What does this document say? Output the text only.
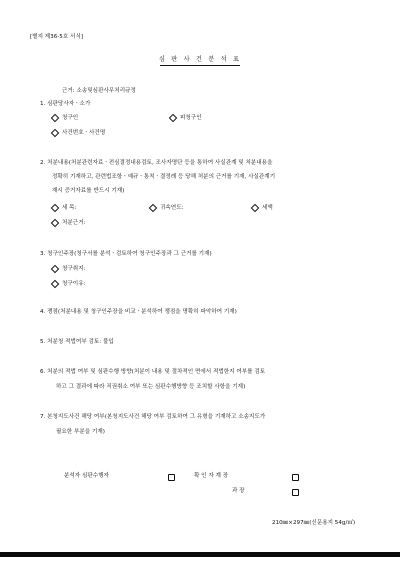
[별지 제36-5호 서식]
심 판 사 건 분 석 표
근거: 소송및심판사무처리규정
1. 심판당사자ㆍ소가
청구인	피청구인
사건번호ㆍ사건명
2. 처분내용(처분관련자료ㆍ전심결정내용검토, 조사자명단 등을 통하여 사실관계 및 처분내용을
정확히 기재하고, 관련법조항ㆍ예규ㆍ통칙ㆍ결정례 등 당해 처분의 근거를 기재, 사실관계기
재시 증거자료를 반드시 기재)
세 목:	귀속연도:	세액
처분근거:
3. 청구인주장(청구서를 분석ㆍ검토하여 청구인주장과 그 근거를 기재)
청구취지:
청구이유:
4. 쟁점(처분내용 및 청구인주장을 비교ㆍ분석하여 쟁점을 명확히 파악하여 기재)
5. 처분청 적법여부 검토: 불입
6. 처분의 적법 여부 및 심판수행 방향(처분이 내용 및 절차적인 면에서 적법한지 여부를 검토
하고 그 결과에 따라 직권취소 여부 또는 심판수행방향 등 조치할 사항을 기재)
7. 본청지도사건 해당 여부(본청지도사건 해당 여부 검토하여 그 유형을 기재하고 소송지도가
필요한 부분을 기재)
분석자 심판수행자	확 인 자 계 장
과 장
210㎜×297㎜(신문용지 54g/㎡)
